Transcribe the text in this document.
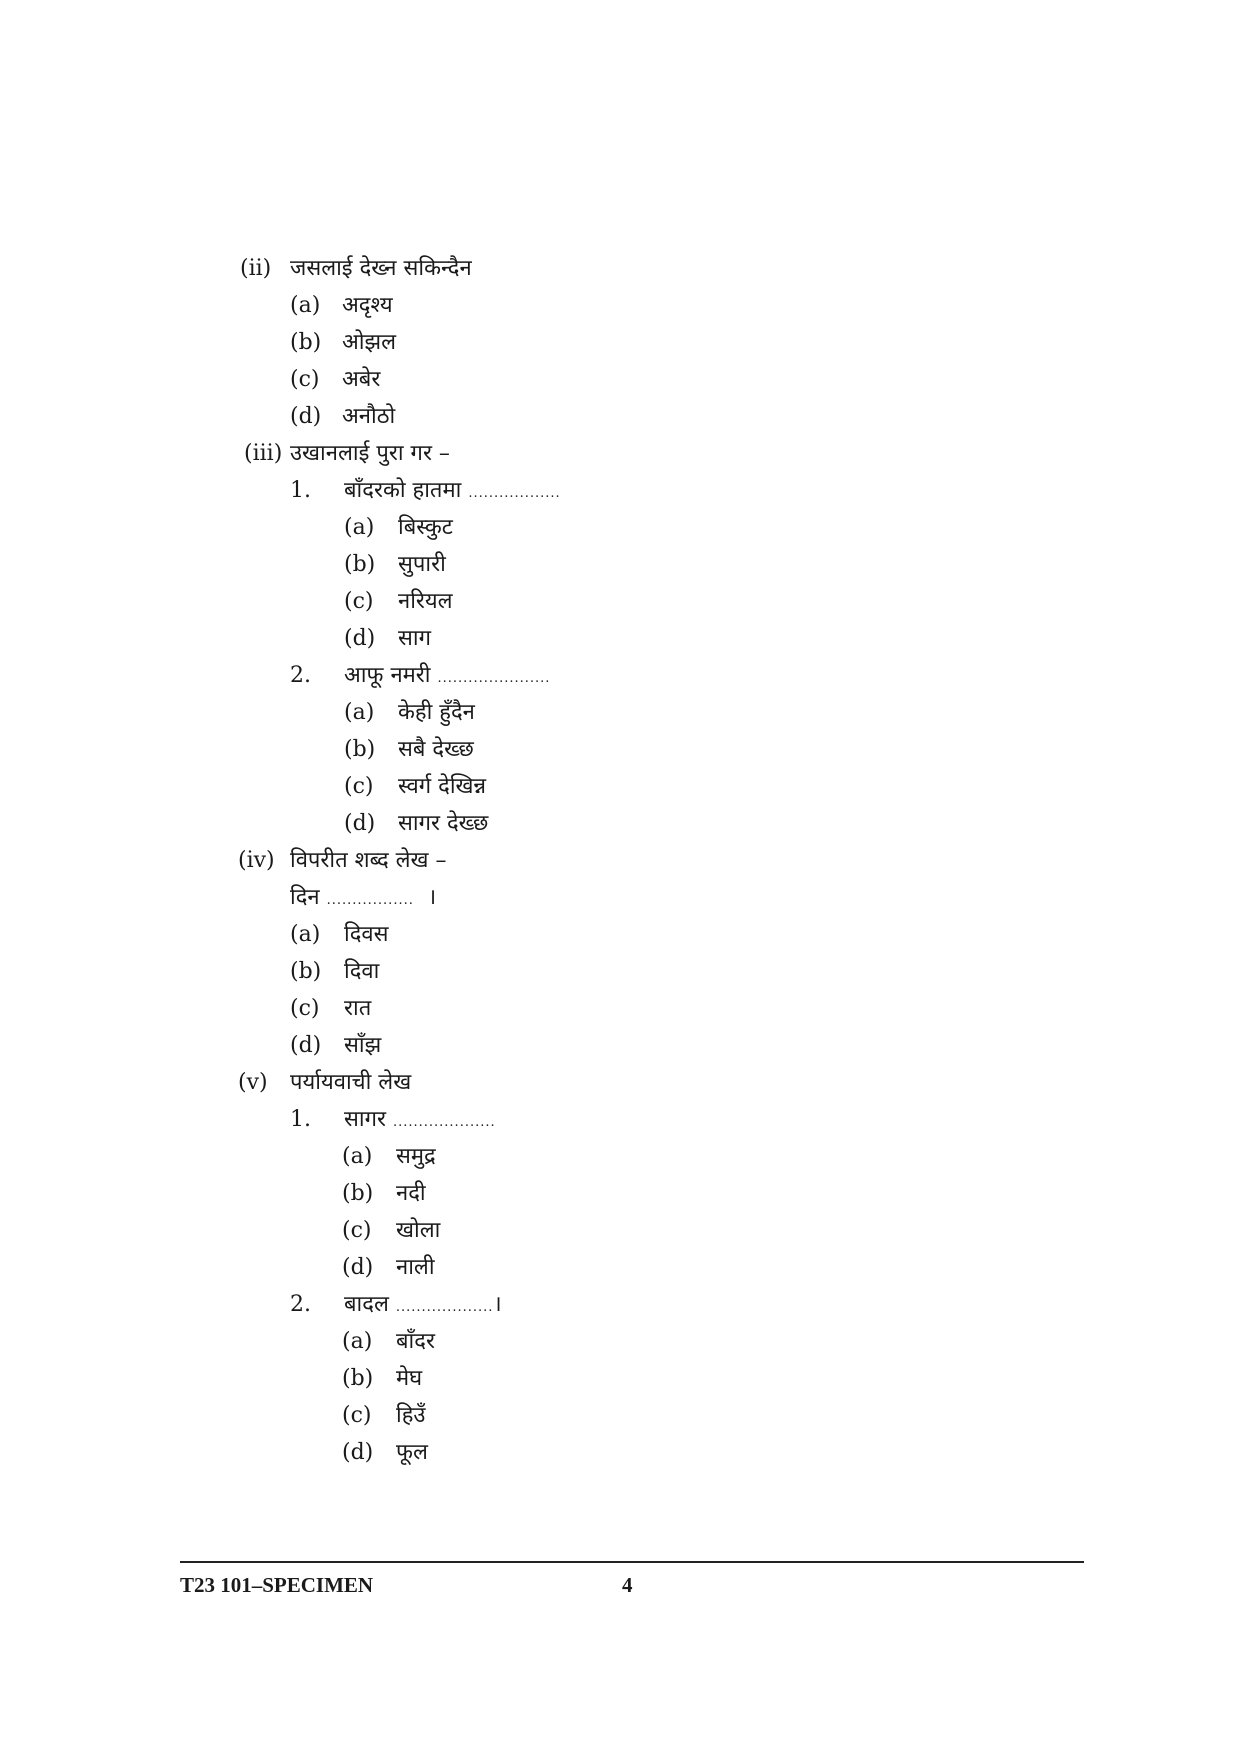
(ii) जसलाई देख्न सकिन्दैन
(a) अदृश्य
(b) ओझल
(c) अबेर
(d) अनौठो
(iii) उखानलाई पुरा गर –
1. बाँदरको हातमा ..................
(a) बिस्कुट
(b) सुपारी
(c) नरियल
(d) साग
2. आफू नमरी ......................
(a) केही हुँदैन
(b) सबै देख्छ
(c) स्वर्ग देखिन्न
(d) सागर देख्छ
(iv) विपरीत शब्द लेख –
दिन ................. ।
(a) दिवस
(b) दिवा
(c) रात
(d) साँझ
(v) पर्यायवाची लेख
1. सागर ....................
(a) समुद्र
(b) नदी
(c) खोला
(d) नाली
2. बादल ...................।
(a) बाँदर
(b) मेघ
(c) हिउँ
(d) फूल
T23 101–SPECIMEN	4
